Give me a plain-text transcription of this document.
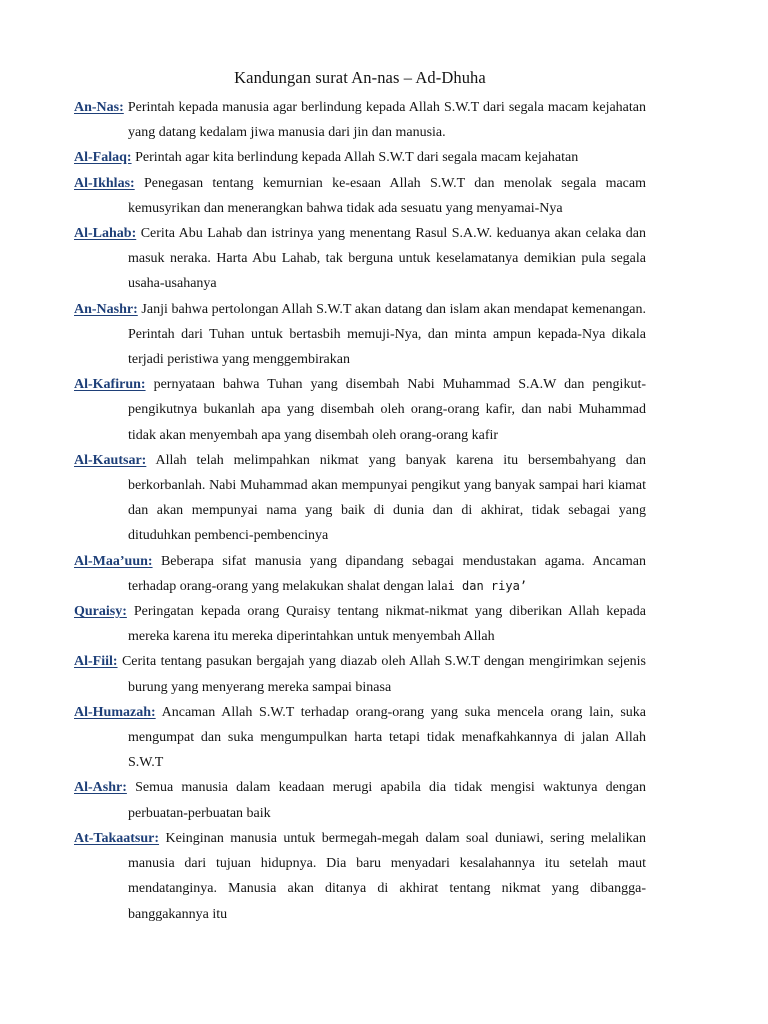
Kandungan surat An-nas – Ad-Dhuha

An-Nas: Perintah kepada manusia agar berlindung kepada Allah S.W.T dari segala macam kejahatan yang datang kedalam jiwa manusia dari jin dan manusia.

Al-Falaq: Perintah agar kita berlindung kepada Allah S.W.T dari segala macam kejahatan

Al-Ikhlas: Penegasan tentang kemurnian ke-esaan Allah S.W.T dan menolak segala macam kemusyrikan dan menerangkan bahwa tidak ada sesuatu yang menyamai-Nya

Al-Lahab: Cerita Abu Lahab dan istrinya yang menentang Rasul S.A.W. keduanya akan celaka dan masuk neraka. Harta Abu Lahab, tak berguna untuk keselamatanya demikian pula segala usaha-usahanya

An-Nashr: Janji bahwa pertolongan Allah S.W.T akan datang dan islam akan mendapat kemenangan. Perintah dari Tuhan untuk bertasbih memuji-Nya, dan minta ampun kepada-Nya dikala terjadi peristiwa yang menggembirakan

Al-Kafirun: pernyataan bahwa Tuhan yang disembah Nabi Muhammad S.A.W dan pengikut-pengikutnya bukanlah apa yang disembah oleh orang-orang kafir, dan nabi Muhammad tidak akan menyembah apa yang disembah oleh orang-orang kafir

Al-Kautsar: Allah telah melimpahkan nikmat yang banyak karena itu bersembahyang dan berkorbanlah. Nabi Muhammad akan mempunyai pengikut yang banyak sampai hari kiamat dan akan mempunyai nama yang baik di dunia dan di akhirat, tidak sebagai yang dituduhkan pembenci-pembencinya

Al-Maa’uun: Beberapa sifat manusia yang dipandang sebagai mendustakan agama. Ancaman terhadap orang-orang yang melakukan shalat dengan lalai dan riya’

Quraisy: Peringatan kepada orang Quraisy tentang nikmat-nikmat yang diberikan Allah kepada mereka karena itu mereka diperintahkan untuk menyembah Allah

Al-Fiil: Cerita tentang pasukan bergajah yang diazab oleh Allah S.W.T dengan mengirimkan sejenis burung yang menyerang mereka sampai binasa

Al-Humazah: Ancaman Allah S.W.T terhadap orang-orang yang suka mencela orang lain, suka mengumpat dan suka mengumpulkan harta tetapi tidak menafkahkannya di jalan Allah S.W.T

Al-Ashr: Semua manusia dalam keadaan merugi apabila dia tidak mengisi waktunya dengan perbuatan-perbuatan baik

At-Takaatsur: Keinginan manusia untuk bermegah-megah dalam soal duniawi, sering melalikan manusia dari tujuan hidupnya. Dia baru menyadari kesalahannya itu setelah maut mendatanginya. Manusia akan ditanya di akhirat tentang nikmat yang dibangga-banggakannya itu
